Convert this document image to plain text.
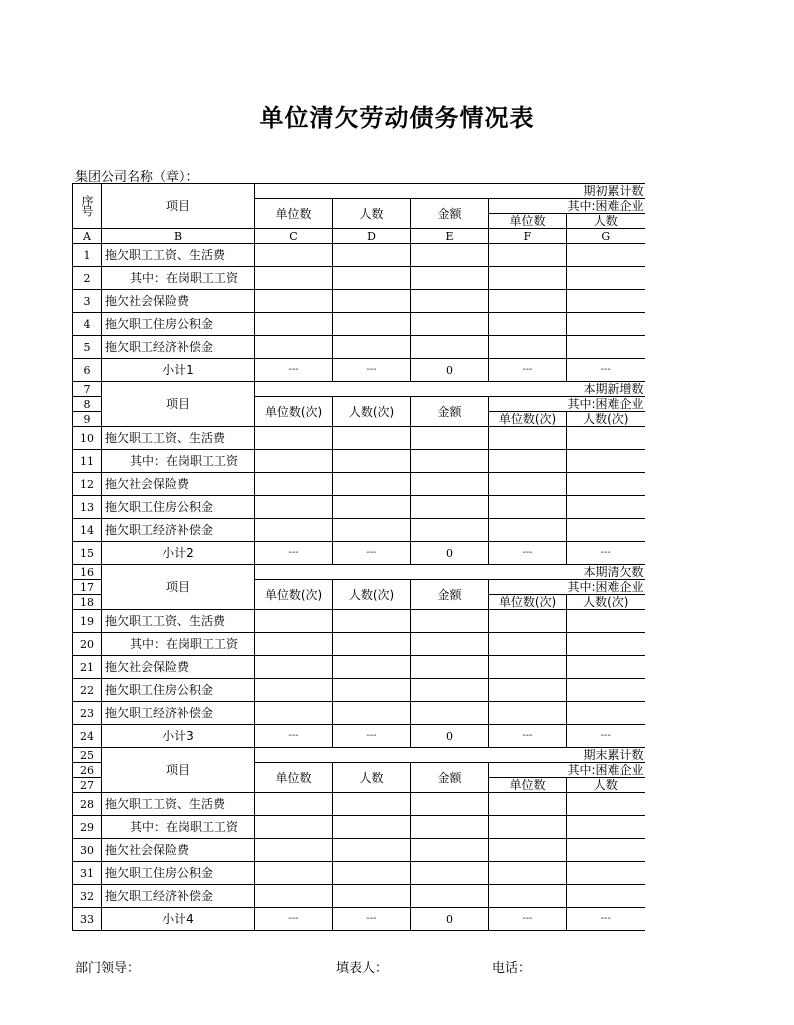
单位清欠劳动债务情况表
集团公司名称（章）：
序号	项目	期初累计数				
		单位数	人数	金额	其中:困难企业	
					单位数	人数
A	B	C	D	E	F	G
1	拖欠职工工资、生活费					
2	其中：在岗职工工资					
3	拖欠社会保险费					
4	拖欠职工住房公积金					
5	拖欠职工经济补偿金					
6	小计1	---	---	0	---	---
7	项目	本期新增数				
8		单位数(次)	人数(次)	金额	其中:困难企业	
9					单位数(次)	人数(次)
10	拖欠职工工资、生活费					
11	其中：在岗职工工资					
12	拖欠社会保险费					
13	拖欠职工住房公积金					
14	拖欠职工经济补偿金					
15	小计2	---	---	0	---	---
16	项目	本期清欠数				
17		单位数(次)	人数(次)	金额	其中:困难企业	
18					单位数(次)	人数(次)
19	拖欠职工工资、生活费					
20	其中：在岗职工工资					
21	拖欠社会保险费					
22	拖欠职工住房公积金					
23	拖欠职工经济补偿金					
24	小计3	---	---	0	---	---
25	项目	期末累计数				
26		单位数	人数	金额	其中:困难企业	
27					单位数	人数
28	拖欠职工工资、生活费					
29	其中：在岗职工工资					
30	拖欠社会保险费					
31	拖欠职工住房公积金					
32	拖欠职工经济补偿金					
33	小计4	---	---	0	---	---
部门领导：	填表人：	电话：
